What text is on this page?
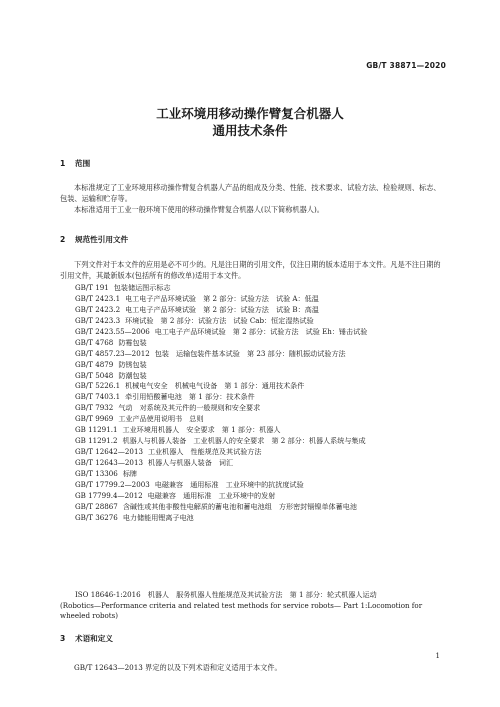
GB/T 38871—2020
工业环境用移动操作臂复合机器人
通用技术条件
1 范围
本标准规定了工业环境用移动操作臂复合机器人产品的组成及分类、性能、技术要求、试验方法、检验规则、标志、包装、运输和贮存等。
本标准适用于工业一般环境下使用的移动操作臂复合机器人(以下简称机器人)。
2 规范性引用文件
下列文件对于本文件的应用是必不可少的。凡是注日期的引用文件，仅注日期的版本适用于本文件。凡是不注日期的引用文件，其最新版本(包括所有的修改单)适用于本文件。
GB/T 191 包装储运图示标志
GB/T 2423.1 电工电子产品环境试验　第 2 部分：试验方法　试验 A：低温
GB/T 2423.2 电工电子产品环境试验　第 2 部分：试验方法　试验 B：高温
GB/T 2423.3 环境试验　第 2 部分：试验方法　试验 Cab：恒定湿热试验
GB/T 2423.55—2006 电工电子产品环境试验　第 2 部分：试验方法　试验 Eh：锤击试验
GB/T 4768 防霉包装
GB/T 4857.23—2012 包装　运输包装件基本试验　第 23 部分：随机振动试验方法
GB/T 4879 防锈包装
GB/T 5048 防潮包装
GB/T 5226.1 机械电气安全　机械电气设备　第 1 部分：通用技术条件
GB/T 7403.1 牵引用铅酸蓄电池　第 1 部分：技术条件
GB/T 7932 气动　对系统及其元件的一般规则和安全要求
GB/T 9969 工业产品使用说明书　总则
GB 11291.1 工业环境用机器人　安全要求　第 1 部分：机器人
GB 11291.2 机器人与机器人装备　工业机器人的安全要求　第 2 部分：机器人系统与集成
GB/T 12642—2013 工业机器人　性能规范及其试验方法
GB/T 12643—2013 机器人与机器人装备　词汇
GB/T 13306 标牌
GB/T 17799.2—2003 电磁兼容　通用标准　工业环境中的抗扰度试验
GB 17799.4—2012 电磁兼容　通用标准　工业环境中的发射
GB/T 28867 含碱性或其他非酸性电解质的蓄电池和蓄电池组　方形密封镉镍单体蓄电池
GB/T 36276 电力储能用锂离子电池
ISO 18646-1:2016　机器人　服务机器人性能规范及其试验方法　第 1 部分：轮式机器人运动
(Robotics—Performance criteria and related test methods for service robots— Part 1:Locomotion for
wheeled robots)
3 术语和定义
GB/T 12643—2013 界定的以及下列术语和定义适用于本文件。
1
